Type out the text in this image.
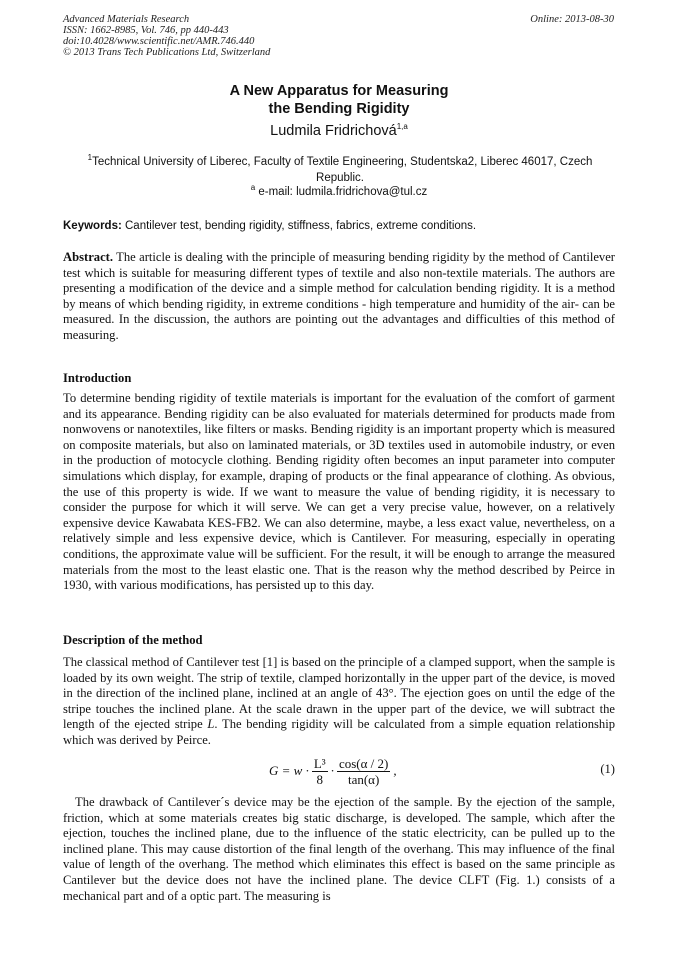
Advanced Materials Research
ISSN: 1662-8985, Vol. 746, pp 440-443
doi:10.4028/www.scientific.net/AMR.746.440
© 2013 Trans Tech Publications Ltd, Switzerland
Online: 2013-08-30
A New Apparatus for Measuring
the Bending Rigidity
Ludmila Fridrichová$^{1,a}$
$^1$Technical University of Liberec, Faculty of Textile Engineering, Studentska2, Liberec 46017, Czech Republic.
$^a$ e-mail: ludmila.fridrichova@tul.cz
Keywords: Cantilever test, bending rigidity, stiffness, fabrics, extreme conditions.
Abstract. The article is dealing with the principle of measuring bending rigidity by the method of Cantilever test which is suitable for measuring different types of textile and also non-textile materials. The authors are presenting a modification of the device and a simple method for calculation bending rigidity. It is a method by means of which bending rigidity, in extreme conditions - high temperature and humidity of the air- can be measured. In the discussion, the authors are pointing out the advantages and difficulties of this method of measuring.
Introduction
To determine bending rigidity of textile materials is important for the evaluation of the comfort of garment and its appearance. Bending rigidity can be also evaluated for materials determined for products made from nonwovens or nanotextiles, like filters or masks. Bending rigidity is an important property which is measured on composite materials, but also on laminated materials, or 3D textiles used in automobile industry, or even in the production of motocycle clothing. Bending rigidity often becomes an input parameter into computer simulations which display, for example, draping of products or the final appearance of clothing. As obvious, the use of this property is wide. If we want to measure the value of bending rigidity, it is necessary to consider the purpose for which it will serve. We can get a very precise value, however, on a relatively expensive device Kawabata KES-FB2. We can also determine, maybe, a less exact value, nevertheless, on a relatively simple and less expensive device, which is Cantilever. For measuring, especially in operating conditions, the approximate value will be sufficient. For the result, it will be enough to arrange the measured materials from the most to the least elastic one. That is the reason why the method described by Peirce in 1930, with various modifications, has persisted up to this day.
Description of the method
The classical method of Cantilever test [1] is based on the principle of a clamped support, when the sample is loaded by its own weight. The strip of textile, clamped horizontally in the upper part of the device, is moved in the direction of the inclined plane, inclined at an angle of 43°. The ejection goes on until the edge of the stripe touches the inclined plane. At the scale drawn in the upper part of the device, we will subtract the length of the ejected stripe L. The bending rigidity will be calculated from a simple equation relationship which was derived by Peirce.
$G = w \cdot \frac{\text{L³}}{8} \cdot \frac{\cos(\alpha / 2)}{\tan(\alpha)}$ ,	(1)
The drawback of Cantilever´s device may be the ejection of the sample. By the ejection of the sample, friction, which at some materials creates big static discharge, is developed. The sample, which after the ejection, touches the inclined plane, due to the influence of the static electricity, can be pulled up to the inclined plane. This may cause distortion of the final length of the overhang. This may influence of the final value of length of the overhang. The method which eliminates this effect is based on the same principle as Cantilever but the device does not have the inclined plane. The device CLFT (Fig. 1.) consists of a mechanical part and of a optic part. The measuring is
